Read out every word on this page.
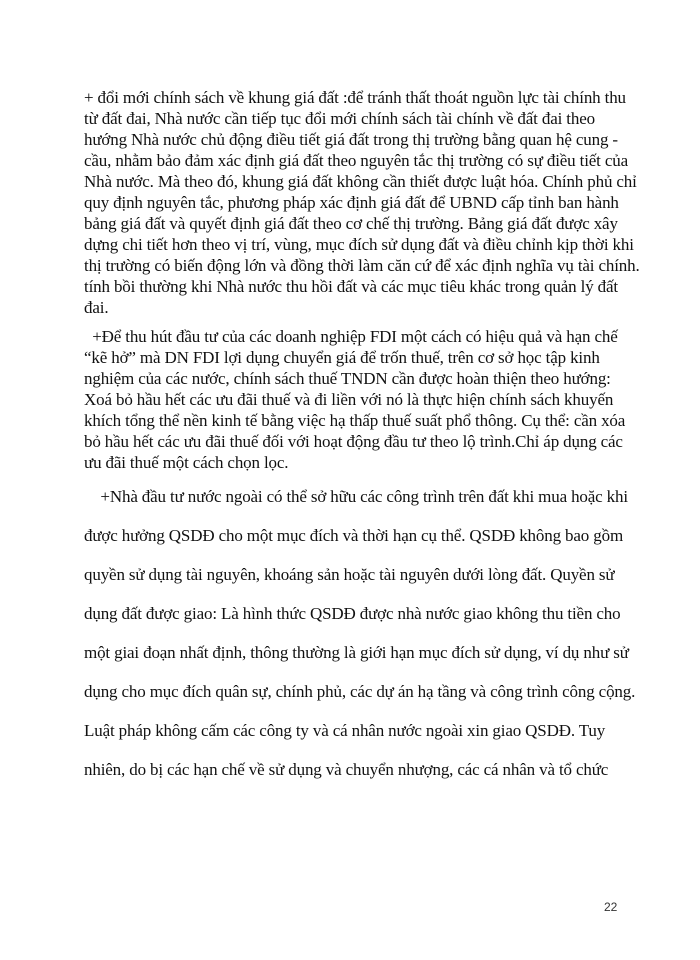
+ đổi mới chính sách về khung giá đất :để tránh thất thoát nguồn lực tài chính thu
từ đất đai, Nhà nước cần tiếp tục đổi mới chính sách tài chính về đất đai theo
hướng Nhà nước chủ động điều tiết giá đất trong thị trường bằng quan hệ cung -
cầu, nhằm bảo đảm xác định giá đất theo nguyên tắc thị trường có sự điều tiết của
Nhà nước. Mà theo đó, khung giá đất không cần thiết được luật hóa. Chính phủ chỉ
quy định nguyên tắc, phương pháp xác định giá đất để UBND cấp tỉnh ban hành
bảng giá đất và quyết định giá đất theo cơ chế thị trường. Bảng giá đất được xây
dựng chi tiết hơn theo vị trí, vùng, mục đích sử dụng đất và điều chỉnh kịp thời khi
thị trường có biến động lớn và đồng thời làm căn cứ để xác định nghĩa vụ tài chính.
tính bồi thường khi Nhà nước thu hồi đất và các mục tiêu khác trong quản lý đất
đai.
+Để thu hút đầu tư của các doanh nghiệp FDI một cách có hiệu quả và hạn chế
“kẽ hở” mà DN FDI lợi dụng chuyển giá để trốn thuế, trên cơ sở học tập kinh
nghiệm của các nước, chính sách thuế TNDN cần được hoàn thiện theo hướng:
Xoá bỏ hầu hết các ưu đãi thuế và đi liền với nó là thực hiện chính sách khuyến
khích tổng thể nền kinh tế bằng việc hạ thấp thuế suất phổ thông. Cụ thể: cần xóa
bỏ hầu hết các ưu đãi thuế đối với hoạt động đầu tư theo lộ trình.Chỉ áp dụng các
ưu đãi thuế một cách chọn lọc.
+Nhà đầu tư nước ngoài có thể sở hữu các công trình trên đất khi mua hoặc khi
được hưởng QSDĐ cho một mục đích và thời hạn cụ thể. QSDĐ không bao gồm
quyền sử dụng tài nguyên, khoáng sản hoặc tài nguyên dưới lòng đất. Quyền sử
dụng đất được giao: Là hình thức QSDĐ được nhà nước giao không thu tiền cho
một giai đoạn nhất định, thông thường là giới hạn mục đích sử dụng, ví dụ như sử
dụng cho mục đích quân sự, chính phủ, các dự án hạ tầng và công trình công cộng.
Luật pháp không cấm các công ty và cá nhân nước ngoài xin giao QSDĐ. Tuy
nhiên, do bị các hạn chế về sử dụng và chuyển nhượng, các cá nhân và tổ chức
22
